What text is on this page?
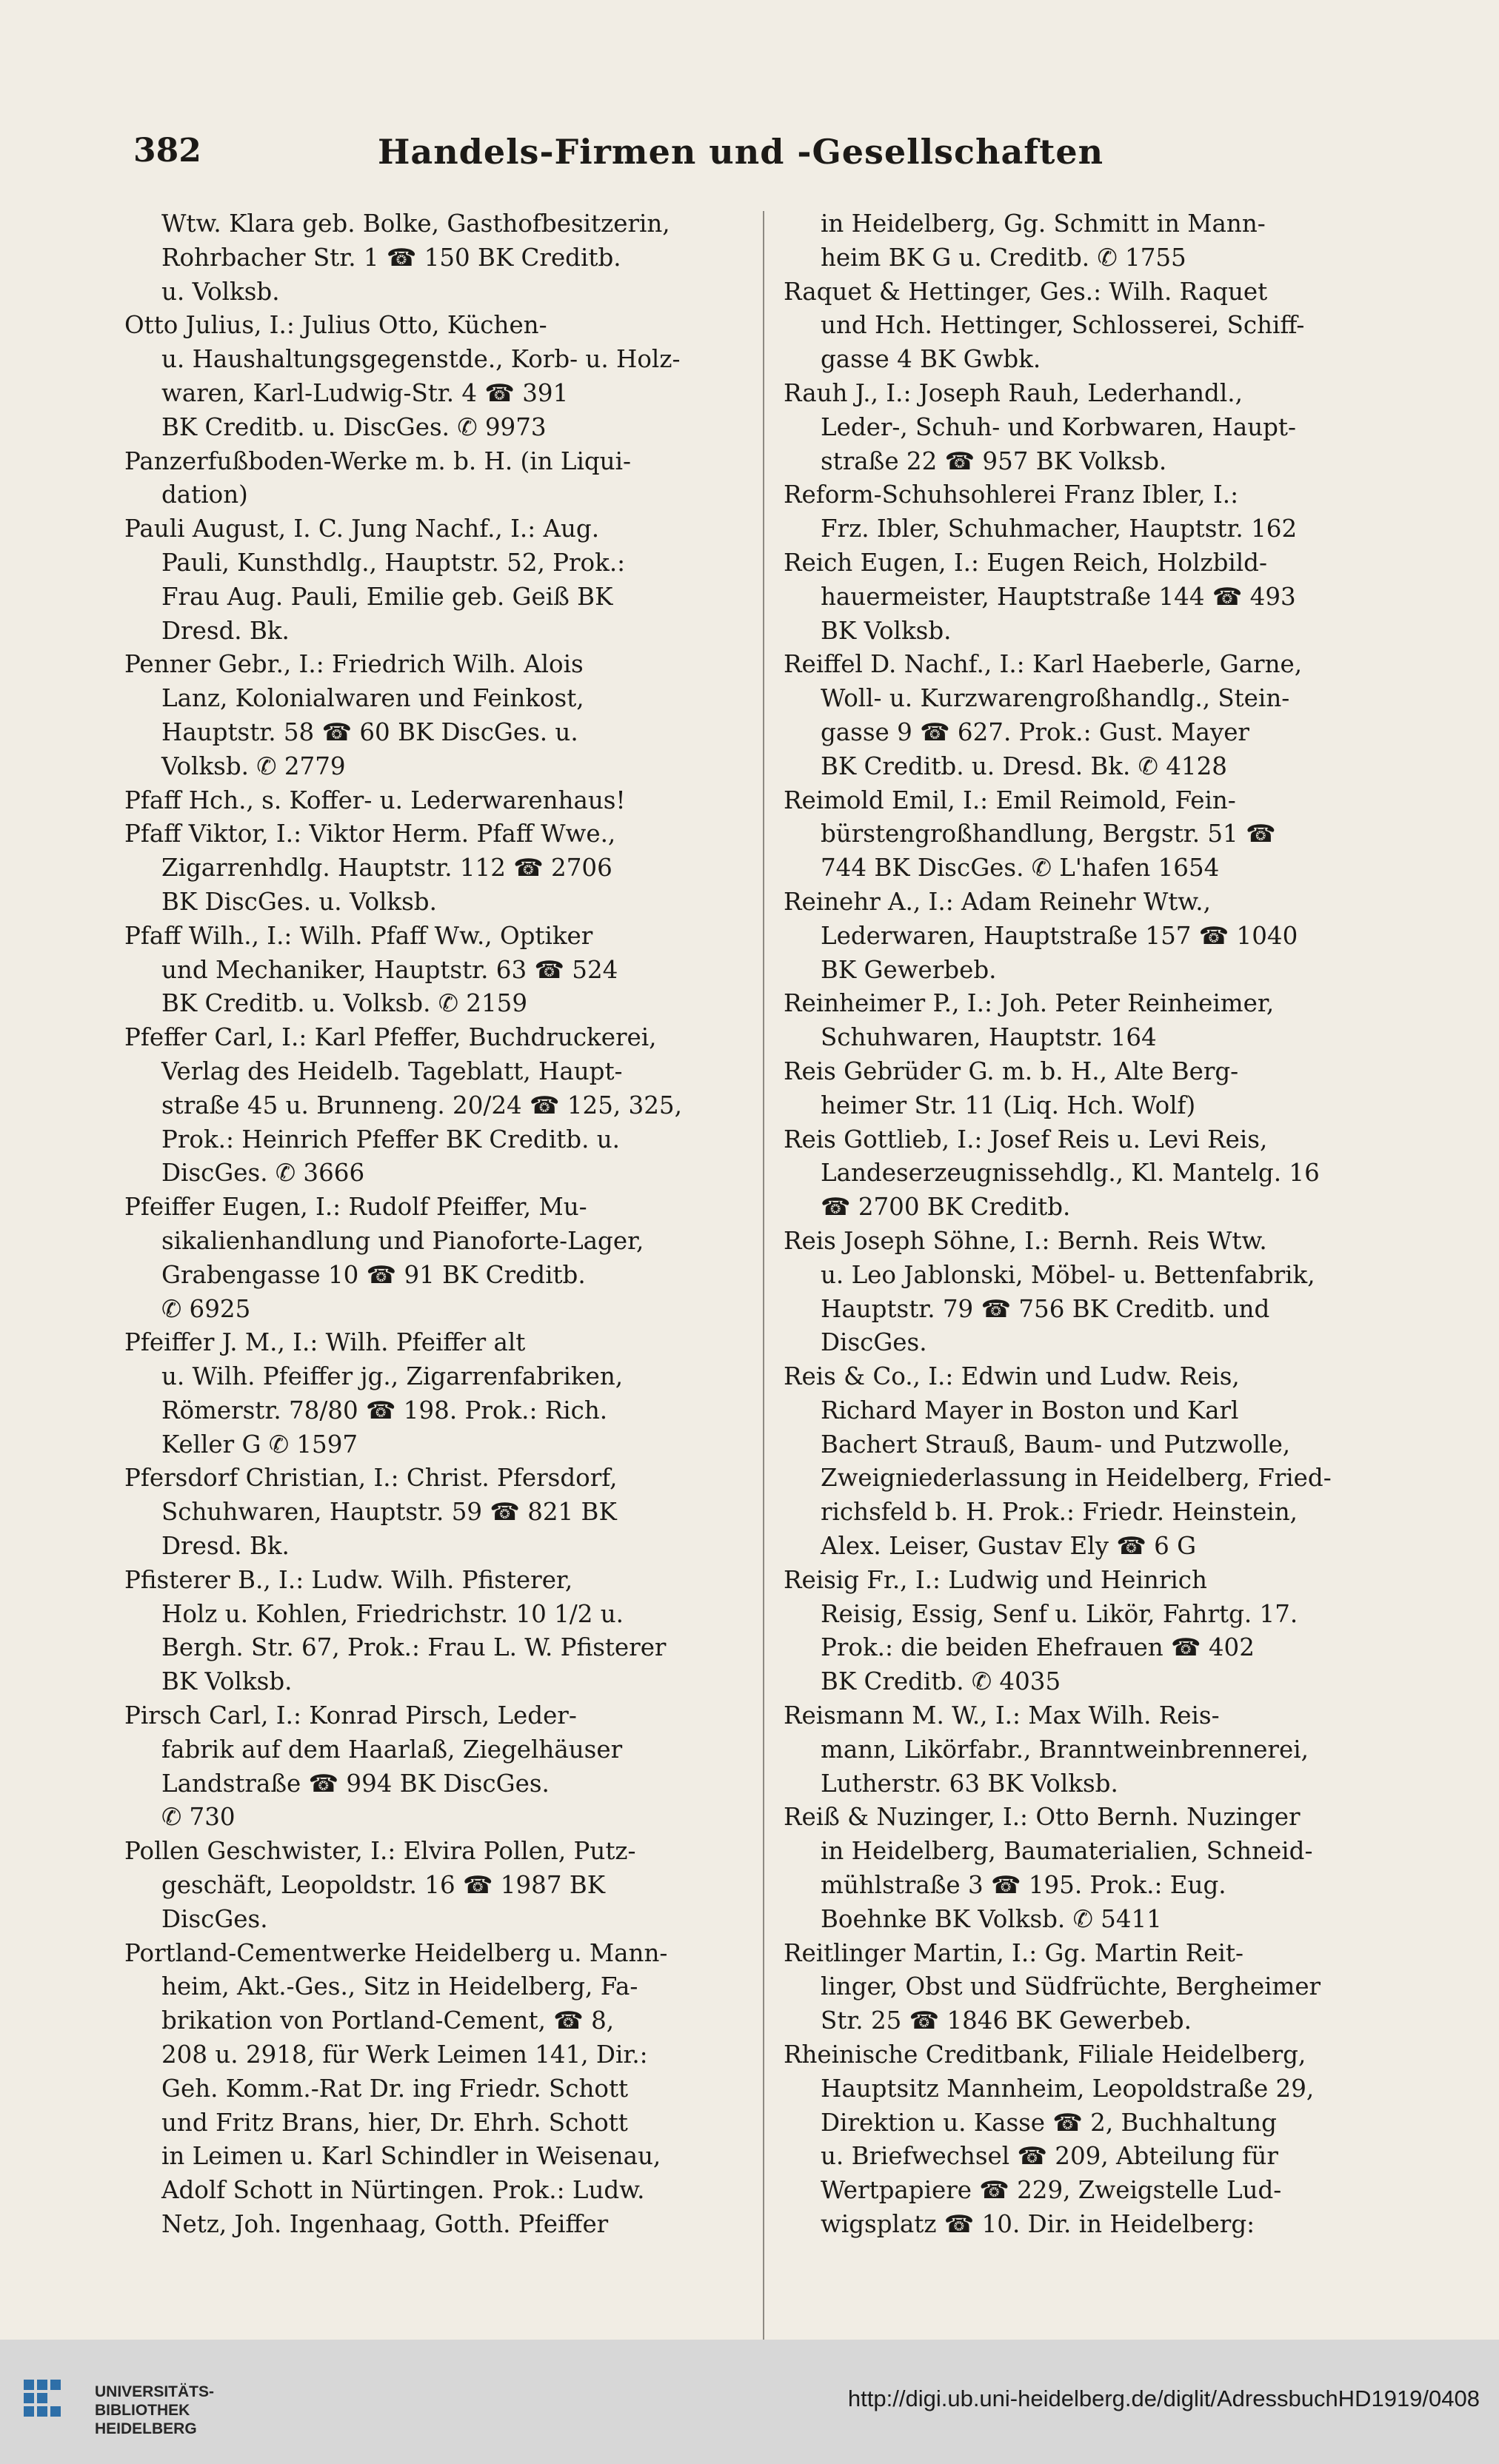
382	Handels-Firmen und -Gesellschaften
Wtw. Klara geb. Bolke, Gasthofbesitzerin,
Rohrbacher Str. 1 ☎ 150 BK Creditb.
u. Volksb.
Otto Julius, I.: Julius Otto, Küchen-
u. Haushaltungsgegenstde., Korb- u. Holz-
waren, Karl-Ludwig-Str. 4 ☎ 391
BK Creditb. u. DiscGes. ✆ 9973
Panzerfußboden-Werke m. b. H. (in Liqui-
dation)
Pauli August, I. C. Jung Nachf., I.: Aug.
Pauli, Kunsthdlg., Hauptstr. 52, Prok.:
Frau Aug. Pauli, Emilie geb. Geiß BK
Dresd. Bk.
Penner Gebr., I.: Friedrich Wilh. Alois
Lanz, Kolonialwaren und Feinkost,
Hauptstr. 58 ☎ 60 BK DiscGes. u.
Volksb. ✆ 2779
Pfaff Hch., s. Koffer- u. Lederwarenhaus!
Pfaff Viktor, I.: Viktor Herm. Pfaff Wwe.,
Zigarrenhdlg. Hauptstr. 112 ☎ 2706
BK DiscGes. u. Volksb.
Pfaff Wilh., I.: Wilh. Pfaff Ww., Optiker
und Mechaniker, Hauptstr. 63 ☎ 524
BK Creditb. u. Volksb. ✆ 2159
Pfeffer Carl, I.: Karl Pfeffer, Buchdruckerei,
Verlag des Heidelb. Tageblatt, Haupt-
straße 45 u. Brunneng. 20/24 ☎ 125, 325,
Prok.: Heinrich Pfeffer BK Creditb. u.
DiscGes. ✆ 3666
Pfeiffer Eugen, I.: Rudolf Pfeiffer, Mu-
sikalienhandlung und Pianoforte-Lager,
Grabengasse 10 ☎ 91 BK Creditb.
✆ 6925
Pfeiffer J. M., I.: Wilh. Pfeiffer alt
u. Wilh. Pfeiffer jg., Zigarrenfabriken,
Römerstr. 78/80 ☎ 198. Prok.: Rich.
Keller G ✆ 1597
Pfersdorf Christian, I.: Christ. Pfersdorf,
Schuhwaren, Hauptstr. 59 ☎ 821 BK
Dresd. Bk.
Pfisterer B., I.: Ludw. Wilh. Pfisterer,
Holz u. Kohlen, Friedrichstr. 10 1/2 u.
Bergh. Str. 67, Prok.: Frau L. W. Pfisterer
BK Volksb.
Pirsch Carl, I.: Konrad Pirsch, Leder-
fabrik auf dem Haarlaß, Ziegelhäuser
Landstraße ☎ 994 BK DiscGes.
✆ 730
Pollen Geschwister, I.: Elvira Pollen, Putz-
geschäft, Leopoldstr. 16 ☎ 1987 BK
DiscGes.
Portland-Cementwerke Heidelberg u. Mann-
heim, Akt.-Ges., Sitz in Heidelberg, Fa-
brikation von Portland-Cement, ☎ 8,
208 u. 2918, für Werk Leimen 141, Dir.:
Geh. Komm.-Rat Dr. ing Friedr. Schott
und Fritz Brans, hier, Dr. Ehrh. Schott
in Leimen u. Karl Schindler in Weisenau,
Adolf Schott in Nürtingen. Prok.: Ludw.
Netz, Joh. Ingenhaag, Gotth. Pfeiffer
in Heidelberg, Gg. Schmitt in Mann-
heim BK G u. Creditb. ✆ 1755
Raquet & Hettinger, Ges.: Wilh. Raquet
und Hch. Hettinger, Schlosserei, Schiff-
gasse 4 BK Gwbk.
Rauh J., I.: Joseph Rauh, Lederhandl.,
Leder-, Schuh- und Korbwaren, Haupt-
straße 22 ☎ 957 BK Volksb.
Reform-Schuhsohlerei Franz Ibler, I.:
Frz. Ibler, Schuhmacher, Hauptstr. 162
Reich Eugen, I.: Eugen Reich, Holzbild-
hauermeister, Hauptstraße 144 ☎ 493
BK Volksb.
Reiffel D. Nachf., I.: Karl Haeberle, Garne,
Woll- u. Kurzwarengroßhandlg., Stein-
gasse 9 ☎ 627. Prok.: Gust. Mayer
BK Creditb. u. Dresd. Bk. ✆ 4128
Reimold Emil, I.: Emil Reimold, Fein-
bürstengroßhandlung, Bergstr. 51 ☎
744 BK DiscGes. ✆ L'hafen 1654
Reinehr A., I.: Adam Reinehr Wtw.,
Lederwaren, Hauptstraße 157 ☎ 1040
BK Gewerbeb.
Reinheimer P., I.: Joh. Peter Reinheimer,
Schuhwaren, Hauptstr. 164
Reis Gebrüder G. m. b. H., Alte Berg-
heimer Str. 11 (Liq. Hch. Wolf)
Reis Gottlieb, I.: Josef Reis u. Levi Reis,
Landeserzeugnissehdlg., Kl. Mantelg. 16
☎ 2700 BK Creditb.
Reis Joseph Söhne, I.: Bernh. Reis Wtw.
u. Leo Jablonski, Möbel- u. Bettenfabrik,
Hauptstr. 79 ☎ 756 BK Creditb. und
DiscGes.
Reis & Co., I.: Edwin und Ludw. Reis,
Richard Mayer in Boston und Karl
Bachert Strauß, Baum- und Putzwolle,
Zweigniederlassung in Heidelberg, Fried-
richsfeld b. H. Prok.: Friedr. Heinstein,
Alex. Leiser, Gustav Ely ☎ 6 G
Reisig Fr., I.: Ludwig und Heinrich
Reisig, Essig, Senf u. Likör, Fahrtg. 17.
Prok.: die beiden Ehefrauen ☎ 402
BK Creditb. ✆ 4035
Reismann M. W., I.: Max Wilh. Reis-
mann, Likörfabr., Branntweinbrennerei,
Lutherstr. 63 BK Volksb.
Reiß & Nuzinger, I.: Otto Bernh. Nuzinger
in Heidelberg, Baumaterialien, Schneid-
mühlstraße 3 ☎ 195. Prok.: Eug.
Boehnke BK Volksb. ✆ 5411
Reitlinger Martin, I.: Gg. Martin Reit-
linger, Obst und Südfrüchte, Bergheimer
Str. 25 ☎ 1846 BK Gewerbeb.
Rheinische Creditbank, Filiale Heidelberg,
Hauptsitz Mannheim, Leopoldstraße 29,
Direktion u. Kasse ☎ 2, Buchhaltung
u. Briefwechsel ☎ 209, Abteilung für
Wertpapiere ☎ 229, Zweigstelle Lud-
wigsplatz ☎ 10. Dir. in Heidelberg:
UNIVERSITÄTS-
BIBLIOTHEK
HEIDELBERG
http://digi.ub.uni-heidelberg.de/diglit/AdressbuchHD1919/0408
